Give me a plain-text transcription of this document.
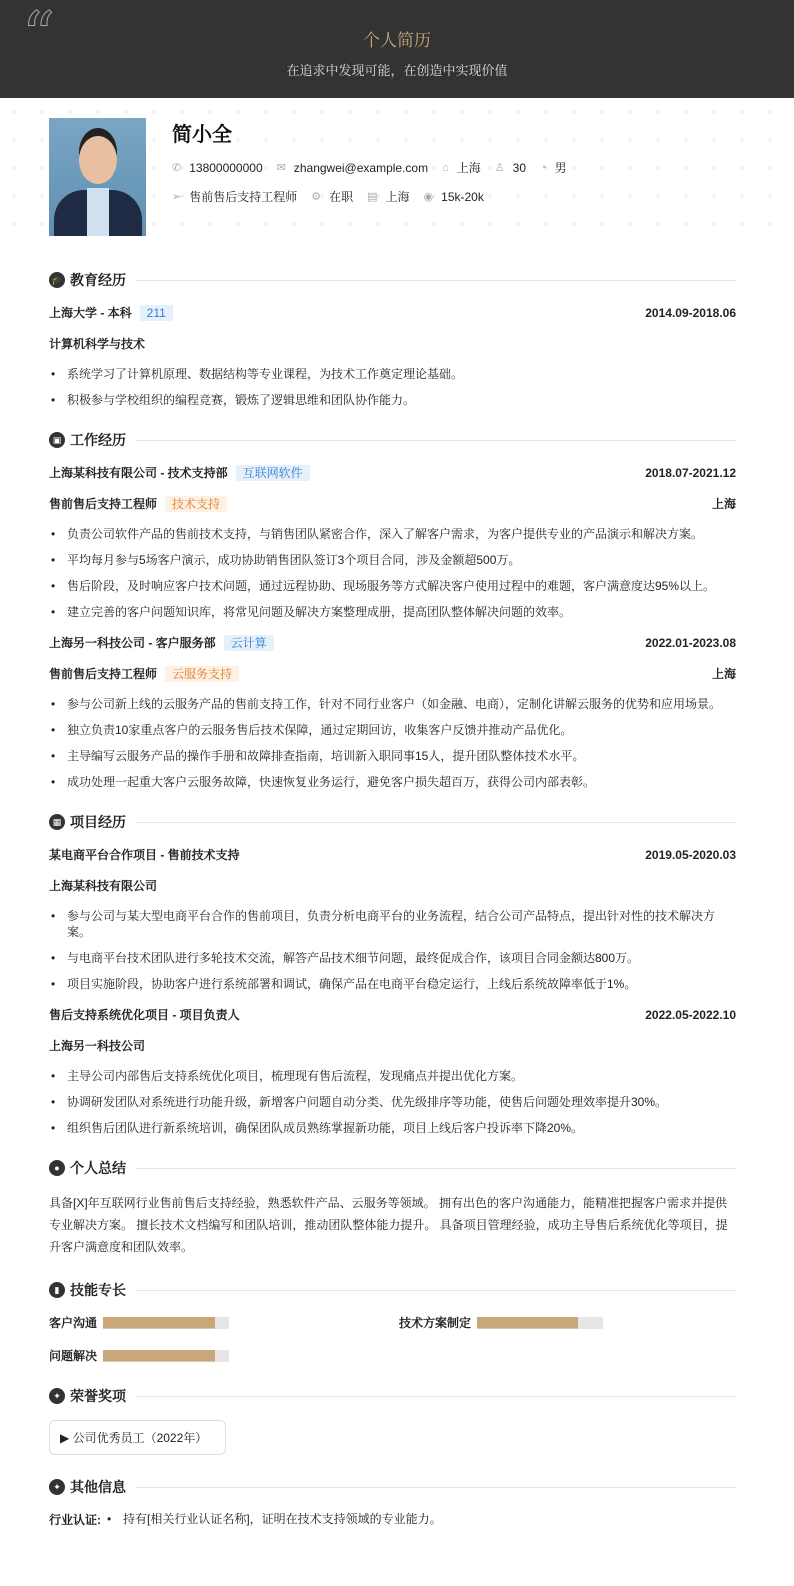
“	个人简历

在追求中发现可能，在创造中实现价值

简小全
✆ 13800000000 ✉ zhangwei@example.com ⌂ 上海 ♙ 30 ◔ 男
➢ 售前售后支持工程师 ⚙ 在职 ▤ 上海 ◉ 15k-20k
🎓 教育经历
上海大学 - 本科 211	2014.09-2018.06
计算机科学与技术
• 系统学习了计算机原理、数据结构等专业课程，为技术工作奠定理论基础。
• 积极参与学校组织的编程竞赛，锻炼了逻辑思维和团队协作能力。
▣ 工作经历
上海某科技有限公司 - 技术支持部 互联网软件	2018.07-2021.12
售前售后支持工程师 技术支持	上海
• 负责公司软件产品的售前技术支持，与销售团队紧密合作，深入了解客户需求，为客户提供专业的产品演示和解决方案。
• 平均每月参与5场客户演示，成功协助销售团队签订3个项目合同，涉及金额超500万。
• 售后阶段，及时响应客户技术问题，通过远程协助、现场服务等方式解决客户使用过程中的难题，客户满意度达95%以上。
• 建立完善的客户问题知识库，将常见问题及解决方案整理成册，提高团队整体解决问题的效率。
上海另一科技公司 - 客户服务部 云计算	2022.01-2023.08
售前售后支持工程师 云服务支持	上海
• 参与公司新上线的云服务产品的售前支持工作，针对不同行业客户（如金融、电商），定制化讲解云服务的优势和应用场景。
• 独立负责10家重点客户的云服务售后技术保障，通过定期回访，收集客户反馈并推动产品优化。
• 主导编写云服务产品的操作手册和故障排查指南，培训新入职同事15人，提升团队整体技术水平。
• 成功处理一起重大客户云服务故障，快速恢复业务运行，避免客户损失超百万，获得公司内部表彰。
▦ 项目经历
某电商平台合作项目 - 售前技术支持	2019.05-2020.03
上海某科技有限公司
• 参与公司与某大型电商平台合作的售前项目，负责分析电商平台的业务流程，结合公司产品特点，提出针对性的技术解决方案。
• 与电商平台技术团队进行多轮技术交流，解答产品技术细节问题，最终促成合作，该项目合同金额达800万。
• 项目实施阶段，协助客户进行系统部署和调试，确保产品在电商平台稳定运行，上线后系统故障率低于1%。
售后支持系统优化项目 - 项目负责人	2022.05-2022.10
上海另一科技公司
• 主导公司内部售后支持系统优化项目，梳理现有售后流程，发现痛点并提出优化方案。
• 协调研发团队对系统进行功能升级，新增客户问题自动分类、优先级排序等功能，使售后问题处理效率提升30%。
• 组织售后团队进行新系统培训，确保团队成员熟练掌握新功能，项目上线后客户投诉率下降20%。
● 个人总结

具备[X]年互联网行业售前售后支持经验，熟悉软件产品、云服务等领域。 拥有出色的客户沟通能力，能精准把握客户需求并提供专业解决方案。 擅长技术文档编写和团队培训，推动团队整体能力提升。 具备项目管理经验，成功主导售后系统优化等项目，提升客户满意度和团队效率。

▮ 技能专长
客户沟通	技术方案制定
问题解决
✦ 荣誉奖项
▶ 公司优秀员工（2022年）
✦ 其他信息
行业认证:	• 持有[相关行业认证名称]，证明在技术支持领域的专业能力。
